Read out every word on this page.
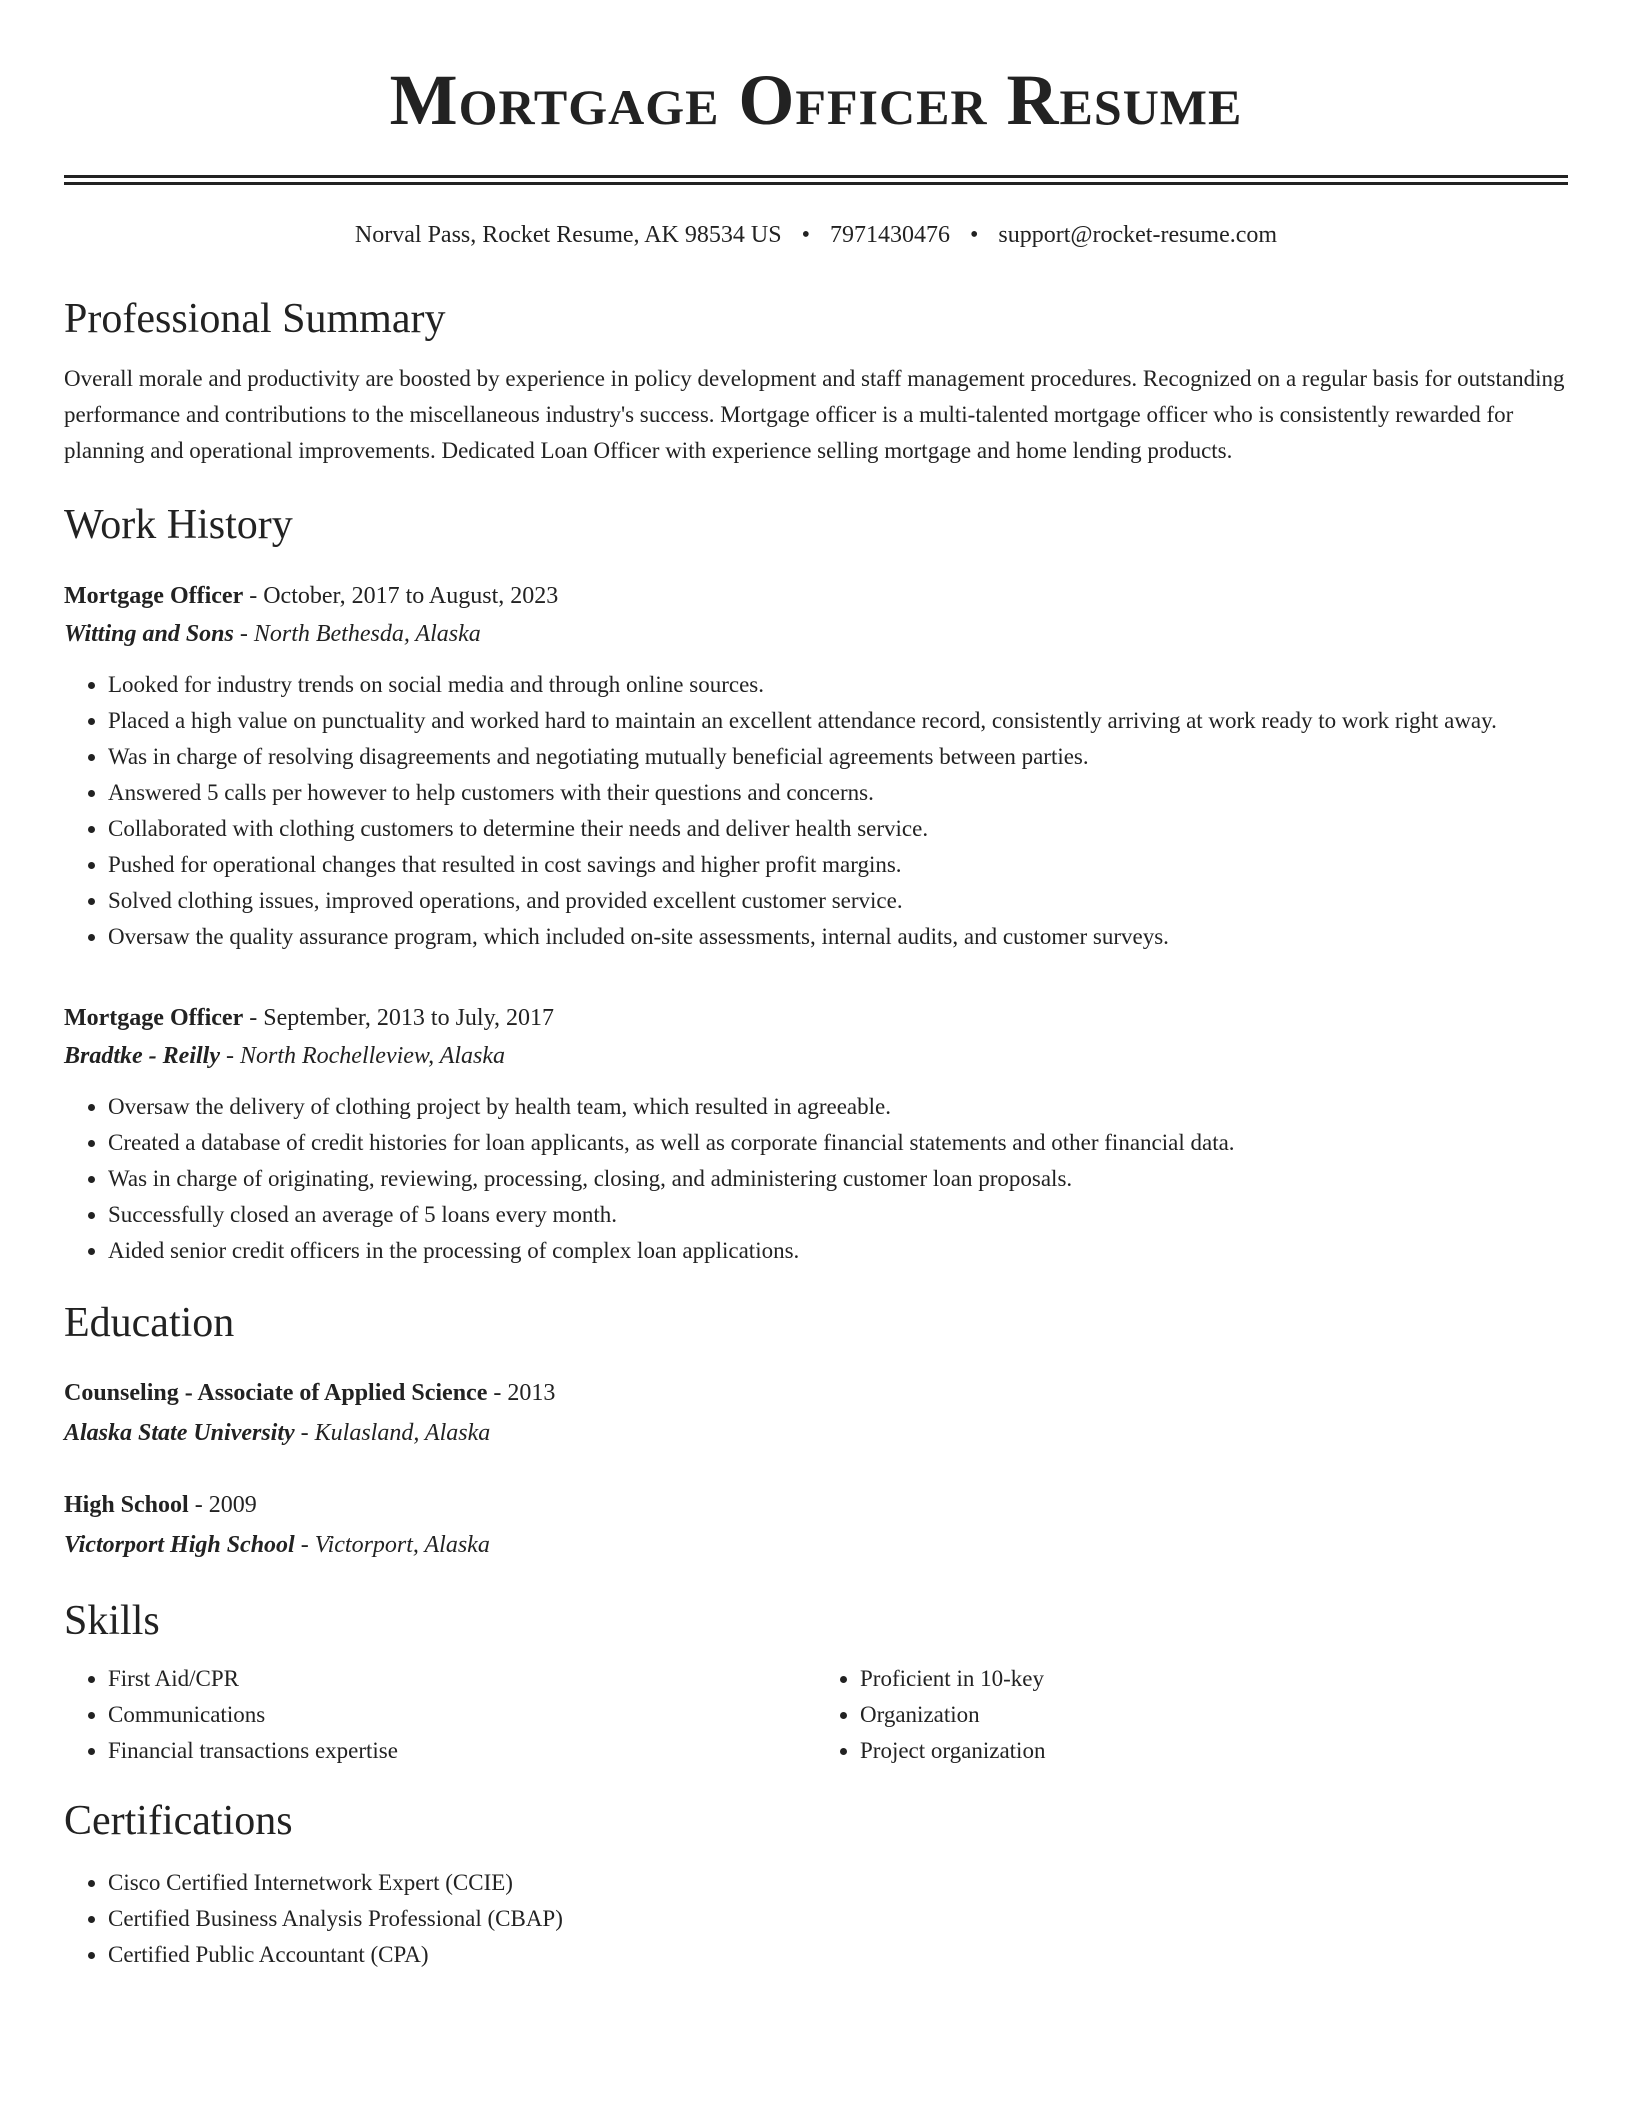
Mortgage Officer Resume
Norval Pass, Rocket Resume, AK 98534 US • 7971430476 • support@rocket-resume.com
Professional Summary

Overall morale and productivity are boosted by experience in policy development and staff management procedures. Recognized on a regular basis for outstanding performance and contributions to the miscellaneous industry's success. Mortgage officer is a multi-talented mortgage officer who is consistently rewarded for planning and operational improvements. Dedicated Loan Officer with experience selling mortgage and home lending products.

Work History
Mortgage Officer - October, 2017 to August, 2023
Witting and Sons - North Bethesda, Alaska
• Looked for industry trends on social media and through online sources.
• Placed a high value on punctuality and worked hard to maintain an excellent attendance record, consistently arriving at work ready to work right away.
• Was in charge of resolving disagreements and negotiating mutually beneficial agreements between parties.
• Answered 5 calls per however to help customers with their questions and concerns.
• Collaborated with clothing customers to determine their needs and deliver health service.
• Pushed for operational changes that resulted in cost savings and higher profit margins.
• Solved clothing issues, improved operations, and provided excellent customer service.
• Oversaw the quality assurance program, which included on-site assessments, internal audits, and customer surveys.
Mortgage Officer - September, 2013 to July, 2017
Bradtke - Reilly - North Rochelleview, Alaska
• Oversaw the delivery of clothing project by health team, which resulted in agreeable.
• Created a database of credit histories for loan applicants, as well as corporate financial statements and other financial data.
• Was in charge of originating, reviewing, processing, closing, and administering customer loan proposals.
• Successfully closed an average of 5 loans every month.
• Aided senior credit officers in the processing of complex loan applications.
Education
Counseling - Associate of Applied Science - 2013
Alaska State University - Kulasland, Alaska
High School - 2009
Victorport High School - Victorport, Alaska
Skills
• First Aid/CPR
• Communications
• Financial transactions expertise
• Proficient in 10-key
• Organization
• Project organization
Certifications
• Cisco Certified Internetwork Expert (CCIE)
• Certified Business Analysis Professional (CBAP)
• Certified Public Accountant (CPA)
